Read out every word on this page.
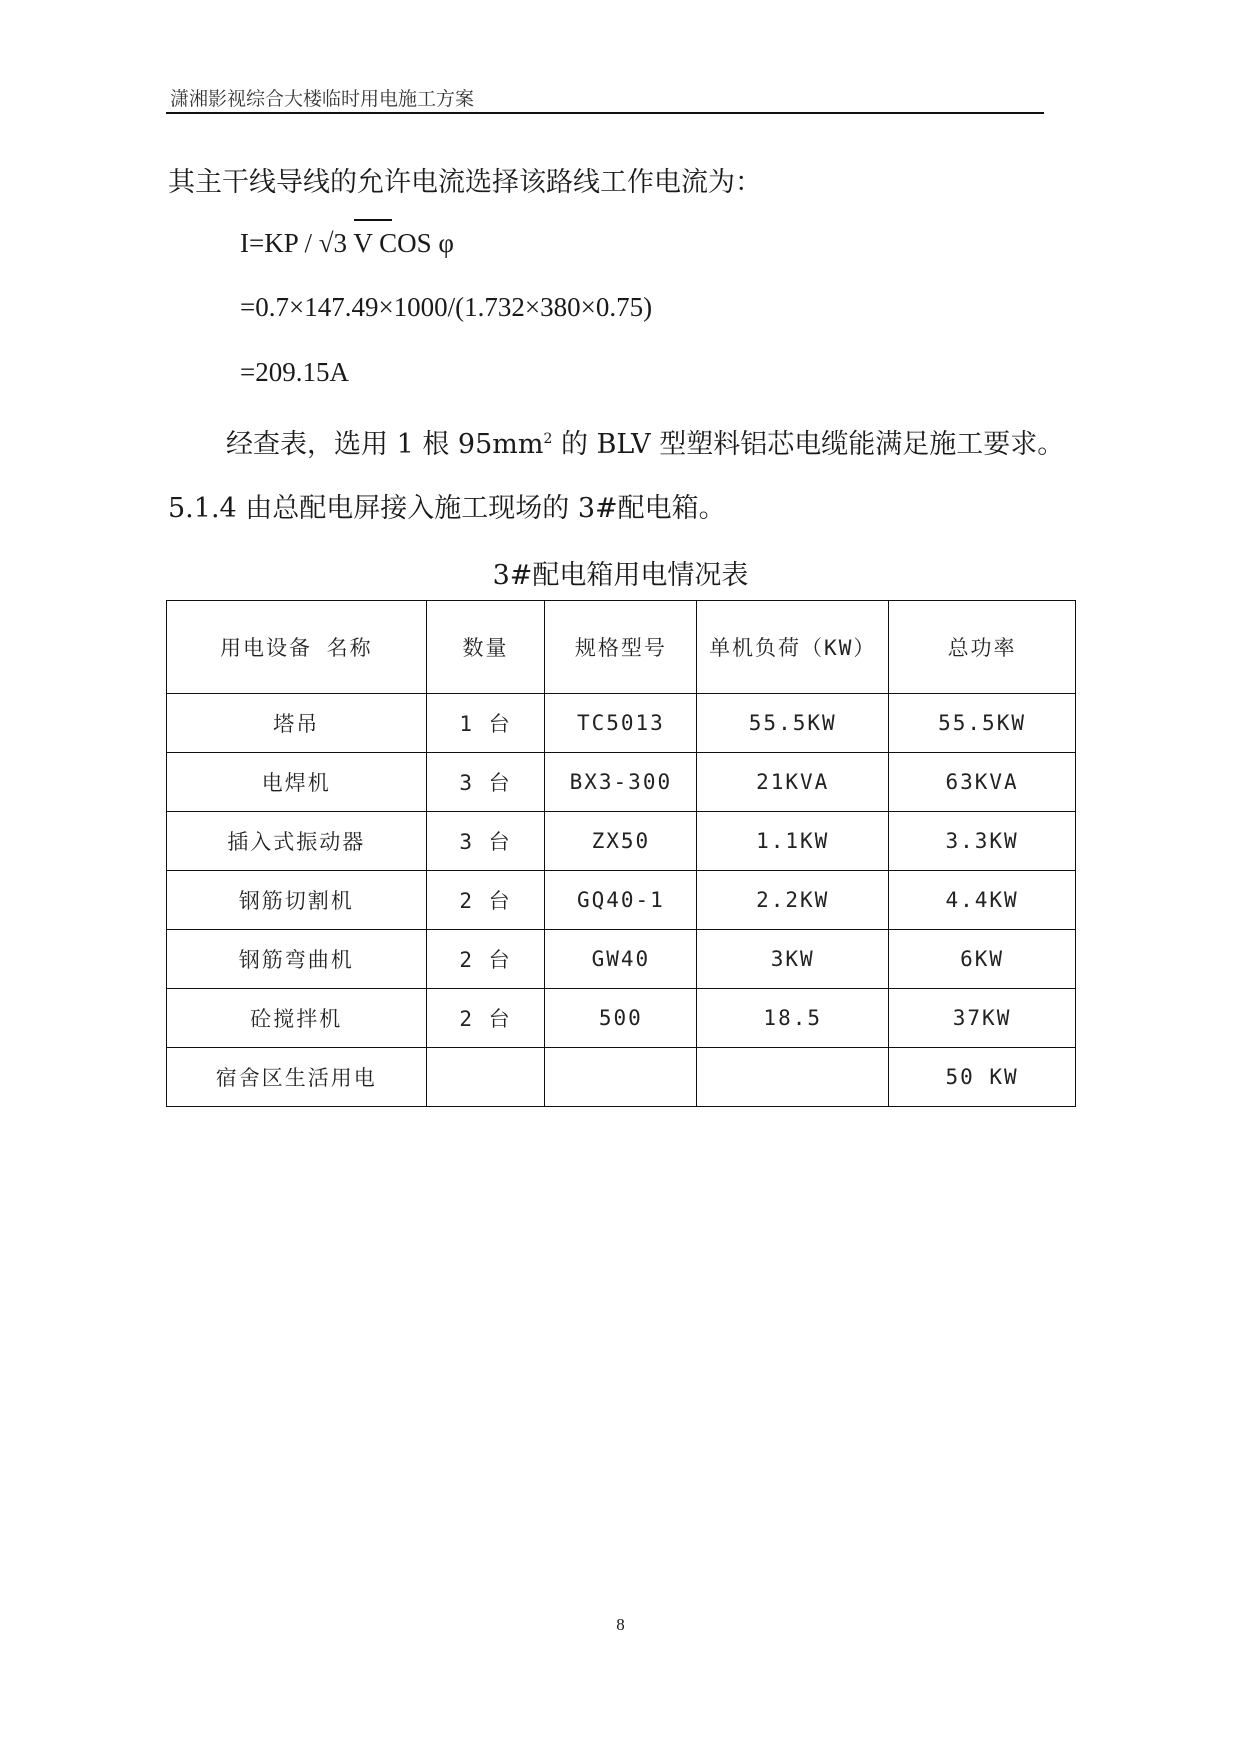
潇湘影视综合大楼临时用电施工方案
其主干线导线的允许电流选择该路线工作电流为：
I=KP / √3 V COS φ
=0.7×147.49×1000/(1.732×380×0.75)
=209.15A
经查表，选用 1 根 $95mm^2$ 的 BLV 型塑料铝芯电缆能满足施工要求。
5.1.4 由总配电屏接入施工现场的 3#配电箱。
3#配电箱用电情况表
用电设备 名称	数量	规格型号	单机负荷（KW）	总功率
塔吊	1 台	TC5013	55.5KW	55.5KW
电焊机	3 台	BX3-300	21KVA	63KVA
插入式振动器	3 台	ZX50	1.1KW	3.3KW
钢筋切割机	2 台	GQ40-1	2.2KW	4.4KW
钢筋弯曲机	2 台	GW40	3KW	6KW
砼搅拌机	2 台	500	18.5	37KW
宿舍区生活用电				50 KW
8
